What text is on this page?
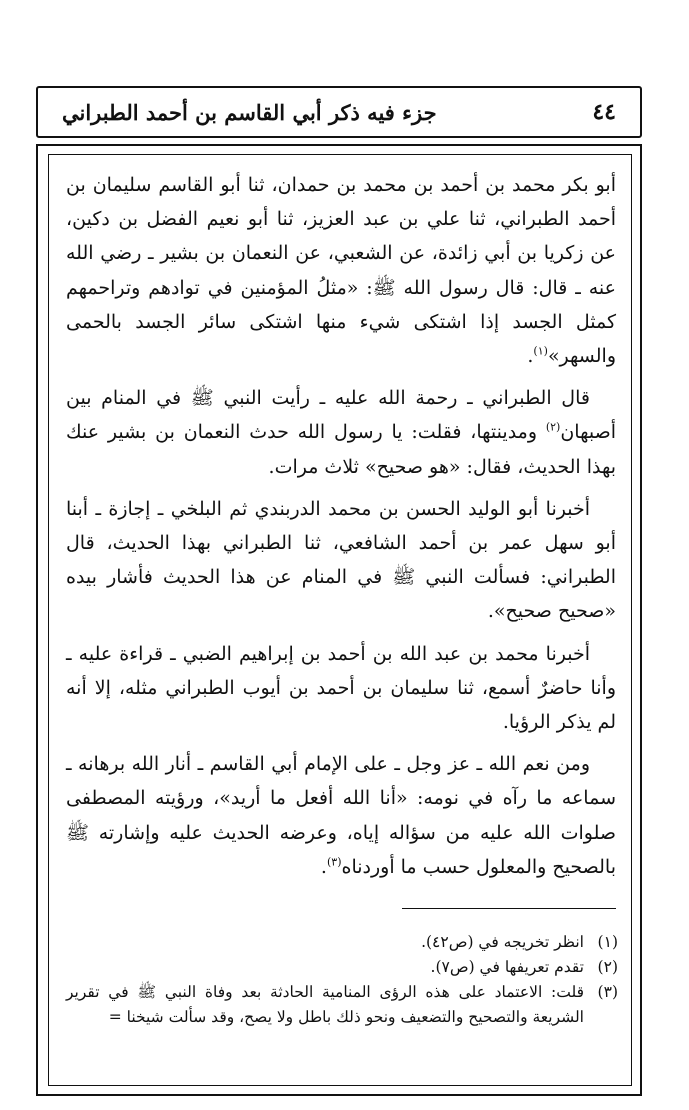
٤٤
جزء فيه ذكر أبي القاسم بن أحمد الطبراني

أبو بكر محمد بن أحمد بن محمد بن حمدان، ثنا أبو القاسم سليمان بن أحمد الطبراني، ثنا علي بن عبد العزيز، ثنا أبو نعيم الفضل بن دكين، عن زكريا بن أبي زائدة، عن الشعبي، عن النعمان بن بشير ـ رضي الله عنه ـ قال: قال رسول الله ﷺ: «مثلُ المؤمنين في توادهم وتراحمهم كمثل الجسد إذا اشتكى شيء منها اشتكى سائر الجسد بالحمى والسهر»$^{(١)}$.

قال الطبراني ـ رحمة الله عليه ـ رأيت النبي ﷺ في المنام بين أصبهان$^{(٢)}$ ومدينتها، فقلت: يا رسول الله حدث النعمان بن بشير عنك بهذا الحديث، فقال: «هو صحيح» ثلاث مرات.

أخبرنا أبو الوليد الحسن بن محمد الدربندي ثم البلخي ـ إجازة ـ أبنا أبو سهل عمر بن أحمد الشافعي، ثنا الطبراني بهذا الحديث، قال الطبراني: فسألت النبي ﷺ في المنام عن هذا الحديث فأشار بيده «صحيح صحيح».

أخبرنا محمد بن عبد الله بن أحمد بن إبراهيم الضبي ـ قراءة عليه ـ وأنا حاضرٌ أسمع، ثنا سليمان بن أحمد بن أيوب الطبراني مثله، إلا أنه لم يذكر الرؤيا.

ومن نعم الله ـ عز وجل ـ على الإمام أبي القاسم ـ أنار الله برهانه ـ سماعه ما رآه في نومه: «أنا الله أفعل ما أريد»، ورؤيته المصطفى صلوات الله عليه من سؤاله إياه، وعرضه الحديث عليه وإشارته ﷺ بالصحيح والمعلول حسب ما أوردناه$^{(٣)}$.

(١)
انظر تخريجه في (ص٤٢).
(٢)
تقدم تعريفها في (ص٧).
(٣)
قلت: الاعتماد على هذه الرؤى المنامية الحادثة بعد وفاة النبي ﷺ في تقرير الشريعة والتصحيح والتضعيف ونحو ذلك باطل ولا يصح، وقد سألت شيخنا =
